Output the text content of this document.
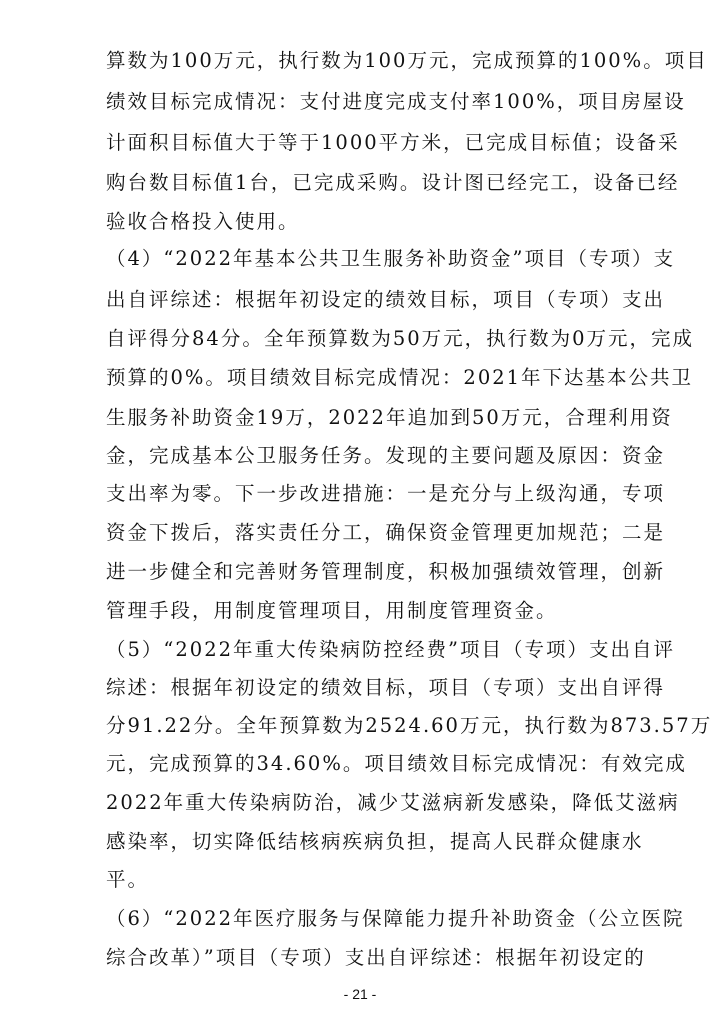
算数为100万元，执行数为100万元，完成预算的100%。项目
绩效目标完成情况：支付进度完成支付率100%，项目房屋设
计面积目标值大于等于1000平方米，已完成目标值；设备采
购台数目标值1台，已完成采购。设计图已经完工，设备已经
验收合格投入使用。
（4）“2022年基本公共卫生服务补助资金”项目（专项）支
出自评综述：根据年初设定的绩效目标，项目（专项）支出
自评得分84分。全年预算数为50万元，执行数为0万元，完成
预算的0%。项目绩效目标完成情况：2021年下达基本公共卫
生服务补助资金19万，2022年追加到50万元，合理利用资
金，完成基本公卫服务任务。发现的主要问题及原因：资金
支出率为零。下一步改进措施：一是充分与上级沟通，专项
资金下拨后，落实责任分工，确保资金管理更加规范；二是
进一步健全和完善财务管理制度，积极加强绩效管理，创新
管理手段，用制度管理项目，用制度管理资金。
（5）“2022年重大传染病防控经费”项目（专项）支出自评
综述：根据年初设定的绩效目标，项目（专项）支出自评得
分91.22分。全年预算数为2524.60万元，执行数为873.57万
元，完成预算的34.60%。项目绩效目标完成情况：有效完成
2022年重大传染病防治，减少艾滋病新发感染，降低艾滋病
感染率，切实降低结核病疾病负担，提高人民群众健康水
平。
（6）“2022年医疗服务与保障能力提升补助资金（公立医院
综合改革）”项目（专项）支出自评综述：根据年初设定的
- 21 -
